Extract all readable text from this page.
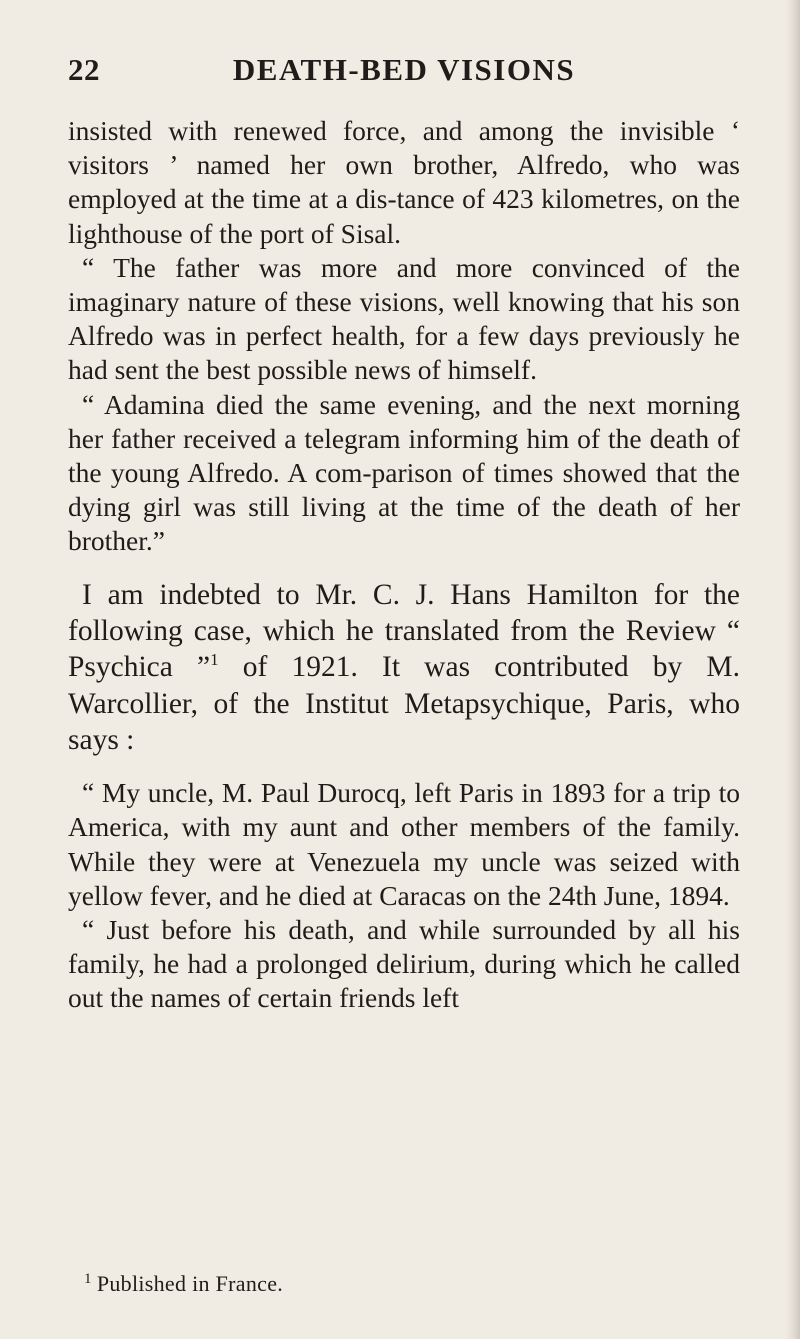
22	DEATH-BED VISIONS

insisted with renewed force, and among the invisible ‘ visitors ’ named her own brother, Alfredo, who was employed at the time at a dis-tance of 423 kilometres, on the lighthouse of the port of Sisal.

“ The father was more and more convinced of the imaginary nature of these visions, well knowing that his son Alfredo was in perfect health, for a few days previously he had sent the best possible news of himself.

“ Adamina died the same evening, and the next morning her father received a telegram informing him of the death of the young Alfredo. A com-parison of times showed that the dying girl was still living at the time of the death of her brother.”

I am indebted to Mr. C. J. Hans Hamilton for the following case, which he translated from the Review “ Psychica ”$^1$ of 1921. It was contributed by M. Warcollier, of the Institut Metapsychique, Paris, who says :

“ My uncle, M. Paul Durocq, left Paris in 1893 for a trip to America, with my aunt and other members of the family. While they were at Venezuela my uncle was seized with yellow fever, and he died at Caracas on the 24th June, 1894.

“ Just before his death, and while surrounded by all his family, he had a prolonged delirium, during which he called out the names of certain friends left

1 Published in France.
